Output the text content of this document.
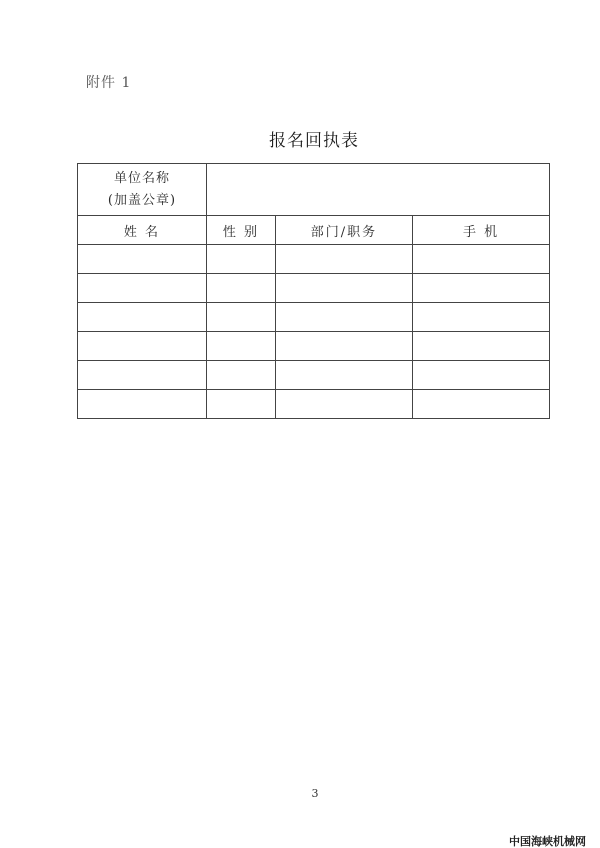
附件 1
报名回执表
单位名称
(加盖公章)			

姓 名	性 别	部门/职务	手 机

3
中国海峡机械网
